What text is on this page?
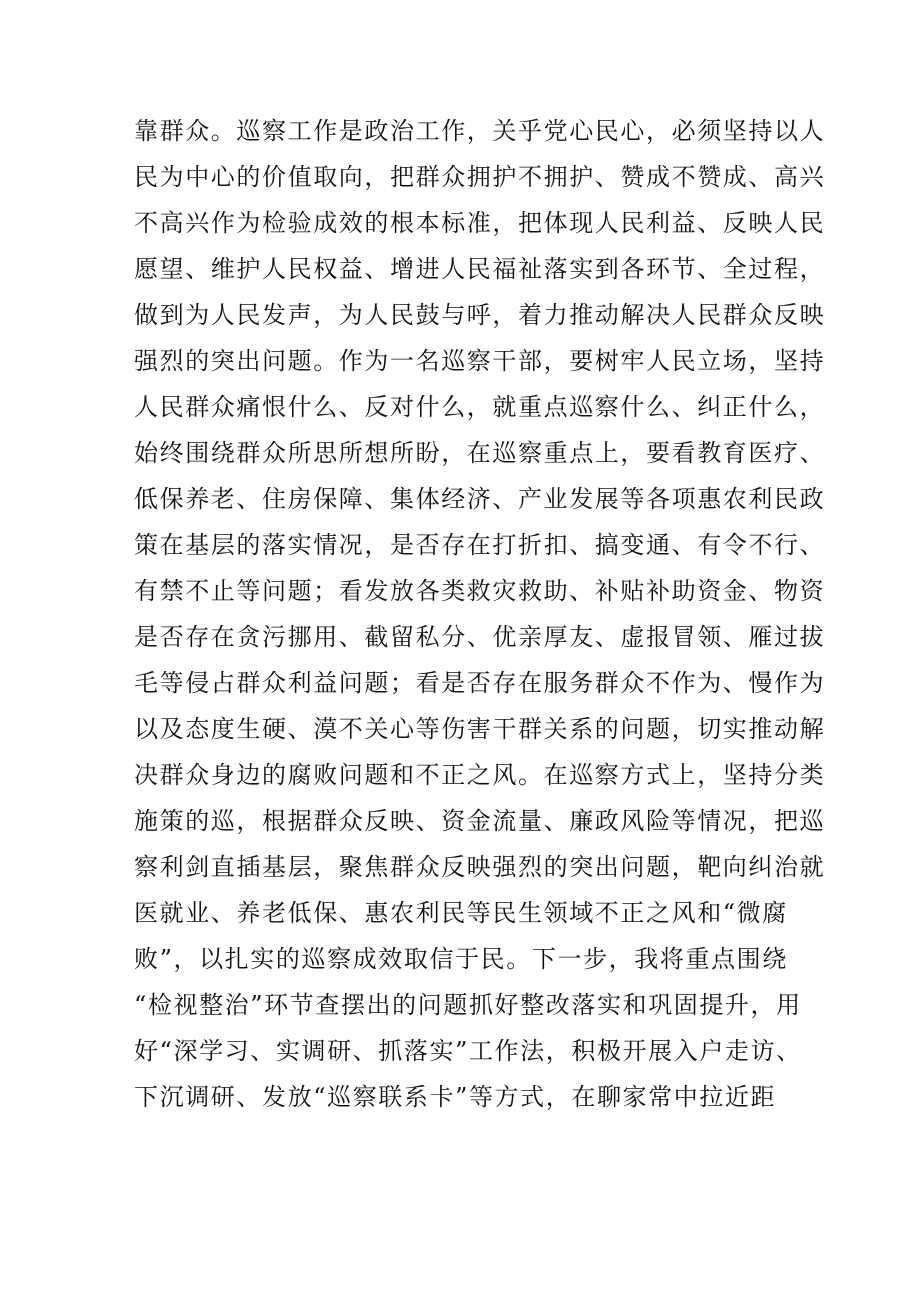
靠群众。巡察工作是政治工作，关乎党心民心，必须坚持以人
民为中心的价值取向，把群众拥护不拥护、赞成不赞成、高兴
不高兴作为检验成效的根本标准，把体现人民利益、反映人民
愿望、维护人民权益、增进人民福祉落实到各环节、全过程，
做到为人民发声，为人民鼓与呼，着力推动解决人民群众反映
强烈的突出问题。作为一名巡察干部，要树牢人民立场，坚持
人民群众痛恨什么、反对什么，就重点巡察什么、纠正什么，
始终围绕群众所思所想所盼，在巡察重点上，要看教育医疗、
低保养老、住房保障、集体经济、产业发展等各项惠农利民政
策在基层的落实情况，是否存在打折扣、搞变通、有令不行、
有禁不止等问题；看发放各类救灾救助、补贴补助资金、物资
是否存在贪污挪用、截留私分、优亲厚友、虚报冒领、雁过拔
毛等侵占群众利益问题；看是否存在服务群众不作为、慢作为
以及态度生硬、漠不关心等伤害干群关系的问题，切实推动解
决群众身边的腐败问题和不正之风。在巡察方式上，坚持分类
施策的巡，根据群众反映、资金流量、廉政风险等情况，把巡
察利剑直插基层，聚焦群众反映强烈的突出问题，靶向纠治就
医就业、养老低保、惠农利民等民生领域不正之风和“微腐
败”，以扎实的巡察成效取信于民。下一步，我将重点围绕
“检视整治”环节查摆出的问题抓好整改落实和巩固提升，用
好“深学习、实调研、抓落实”工作法，积极开展入户走访、
下沉调研、发放“巡察联系卡”等方式，在聊家常中拉近距
